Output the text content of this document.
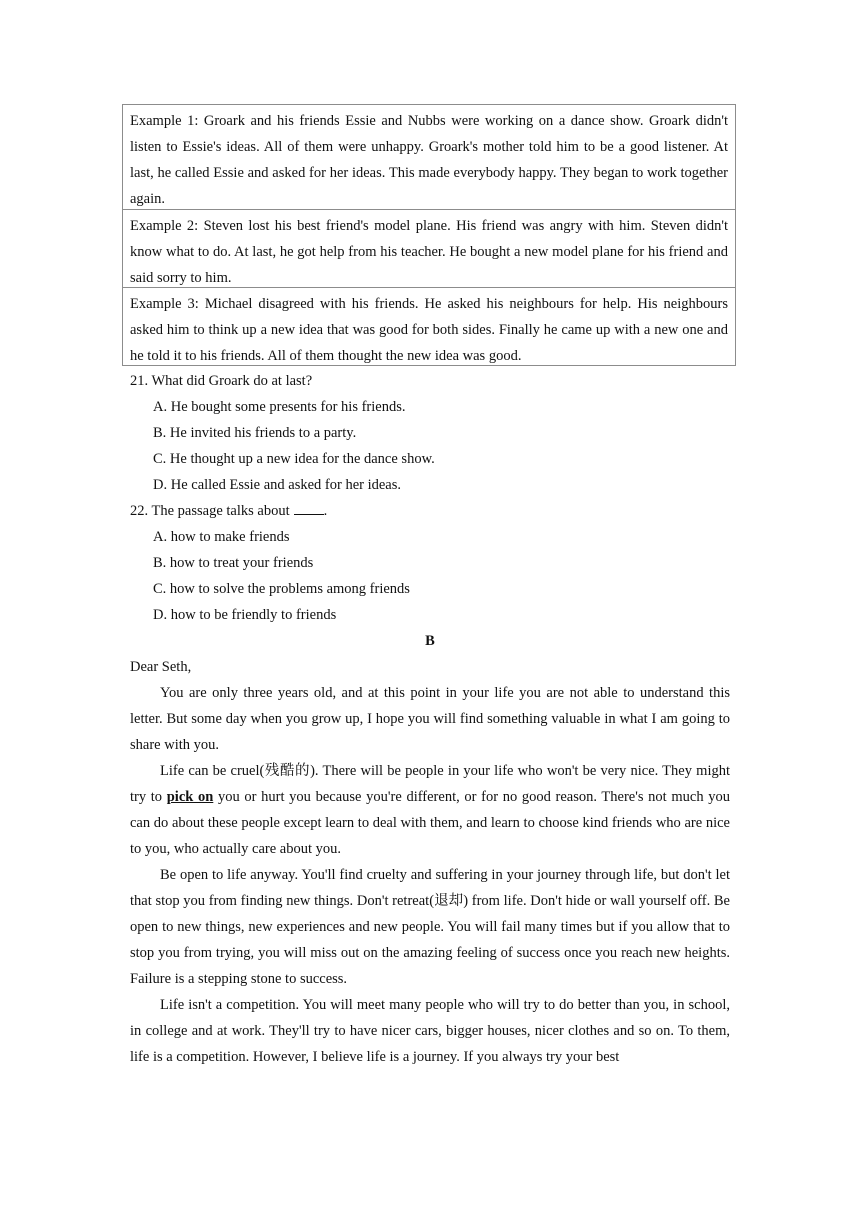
Example 1: Groark and his friends Essie and Nubbs were working on a dance show. Groark didn't listen to Essie's ideas. All of them were unhappy. Groark's mother told him to be a good listener. At last, he called Essie and asked for her ideas. This made everybody happy. They began to work together again.
Example 2: Steven lost his best friend's model plane. His friend was angry with him. Steven didn't know what to do. At last, he got help from his teacher. He bought a new model plane for his friend and said sorry to him.
Example 3: Michael disagreed with his friends. He asked his neighbours for help. His neighbours asked him to think up a new idea that was good for both sides. Finally he came up with a new one and he told it to his friends. All of them thought the new idea was good.
21. What did Groark do at last?
A. He bought some presents for his friends.
B. He invited his friends to a party.
C. He thought up a new idea for the dance show.
D. He called Essie and asked for her ideas.
22. The passage talks about .
A. how to make friends
B. how to treat your friends
C. how to solve the problems among friends
D. how to be friendly to friends
B

Dear Seth,

You are only three years old, and at this point in your life you are not able to understand this letter. But some day when you grow up, I hope you will find something valuable in what I am going to share with you.

Life can be cruel(残酷的). There will be people in your life who won't be very nice. They might try to pick on you or hurt you because you're different, or for no good reason. There's not much you can do about these people except learn to deal with them, and learn to choose kind friends who are nice to you, who actually care about you.

Be open to life anyway. You'll find cruelty and suffering in your journey through life, but don't let that stop you from finding new things. Don't retreat(退却) from life. Don't hide or wall yourself off. Be open to new things, new experiences and new people. You will fail many times but if you allow that to stop you from trying, you will miss out on the amazing feeling of success once you reach new heights. Failure is a stepping stone to success.

Life isn't a competition. You will meet many people who will try to do better than you, in school, in college and at work. They'll try to have nicer cars, bigger houses, nicer clothes and so on. To them, life is a competition. However, I believe life is a journey. If you always try your best
